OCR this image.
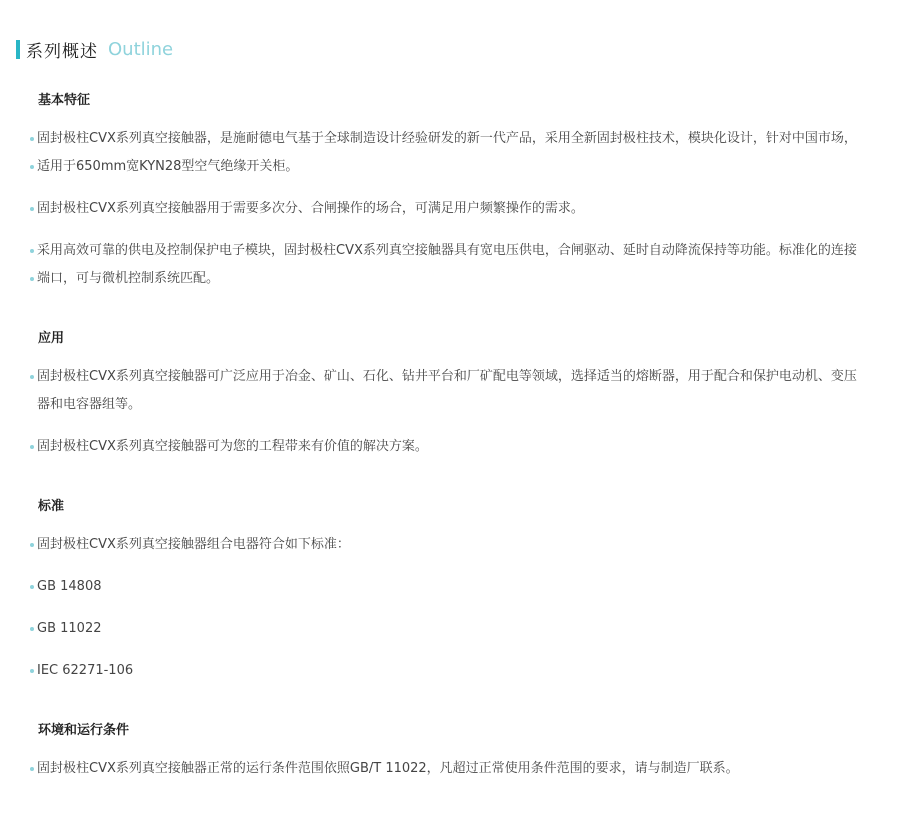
系列概述 Outline
基本特征
固封极柱CVX系列真空接触器，是施耐德电气基于全球制造设计经验研发的新一代产品，采用全新固封极柱技术，模块化设计，针对中国市场，适用于650mm宽KYN28型空气绝缘开关柜。
固封极柱CVX系列真空接触器用于需要多次分、合闸操作的场合，可满足用户频繁操作的需求。
采用高效可靠的供电及控制保护电子模块，固封极柱CVX系列真空接触器具有宽电压供电，合闸驱动、延时自动降流保持等功能。标准化的连接端口，可与微机控制系统匹配。
应用
固封极柱CVX系列真空接触器可广泛应用于冶金、矿山、石化、钻井平台和厂矿配电等领域，选择适当的熔断器，用于配合和保护电动机、变压器和电容器组等。
固封极柱CVX系列真空接触器可为您的工程带来有价值的解决方案。
标准
固封极柱CVX系列真空接触器组合电器符合如下标准：
GB 14808
GB 11022
IEC 62271-106
环境和运行条件
固封极柱CVX系列真空接触器正常的运行条件范围依照GB/T 11022，凡超过正常使用条件范围的要求，请与制造厂联系。
